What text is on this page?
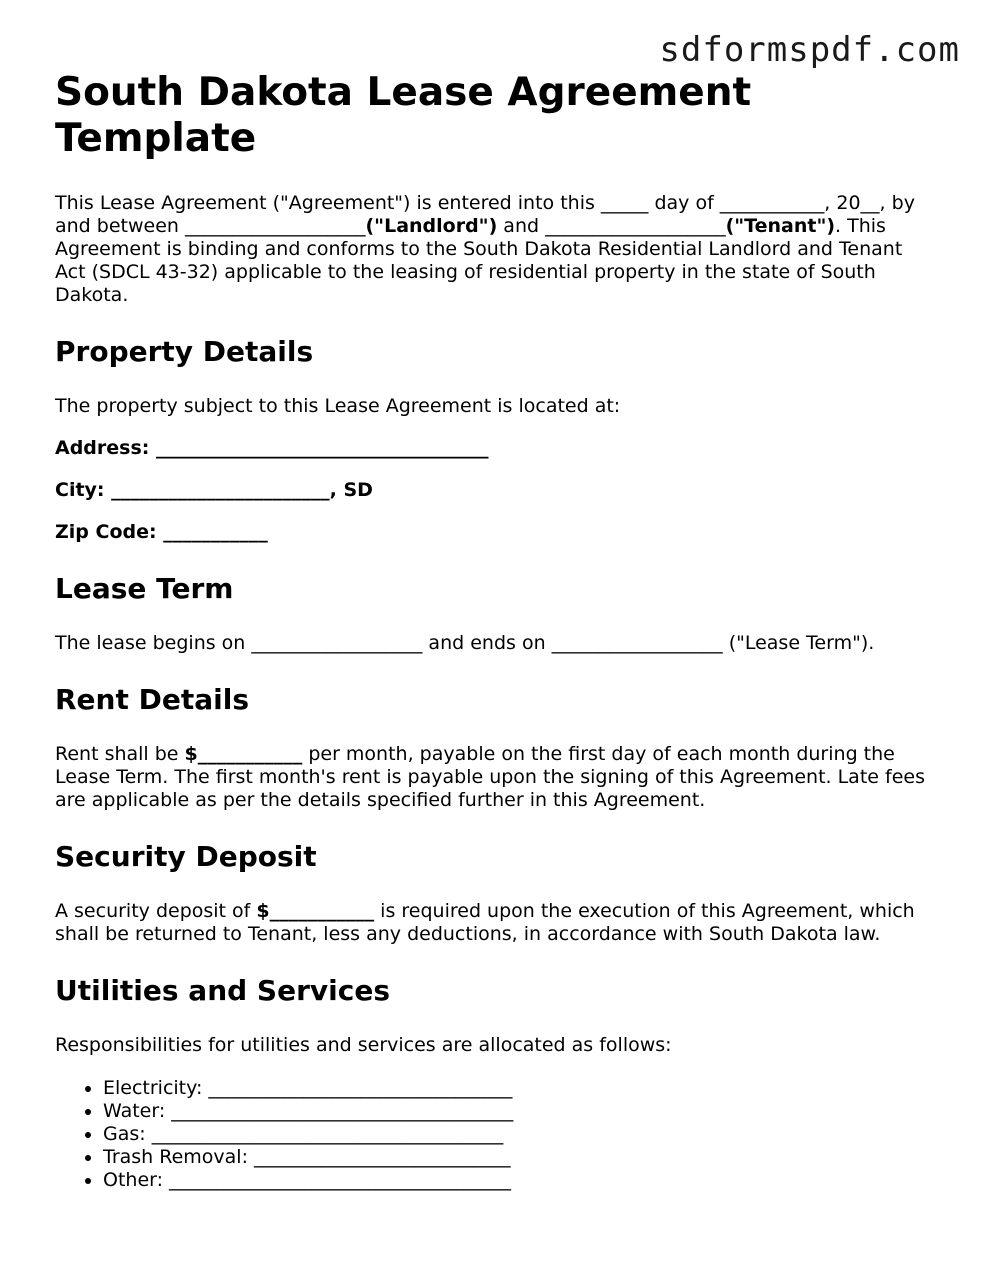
sdformspdf.com
South Dakota Lease Agreement Template

This Lease Agreement ("Agreement") is entered into this _____ day of ___________, 20__, by and between ___________________("Landlord") and ___________________("Tenant"). This Agreement is binding and conforms to the South Dakota Residential Landlord and Tenant Act (SDCL 43-32) applicable to the leasing of residential property in the state of South Dakota.

Property Details

The property subject to this Lease Agreement is located at:

Address: ___________________________________

City: _______________________, SD

Zip Code: ___________

Lease Term

The lease begins on __________________ and ends on __________________ ("Lease Term").

Rent Details

Rent shall be $___________ per month, payable on the first day of each month during the Lease Term. The first month's rent is payable upon the signing of this Agreement. Late fees are applicable as per the details specified further in this Agreement.

Security Deposit

A security deposit of $___________ is required upon the execution of this Agreement, which shall be returned to Tenant, less any deductions, in accordance with South Dakota law.

Utilities and Services

Responsibilities for utilities and services are allocated as follows:

• Electricity: ________________________________
• Water: ____________________________________
• Gas: _____________________________________
• Trash Removal: ___________________________
• Other: ____________________________________
